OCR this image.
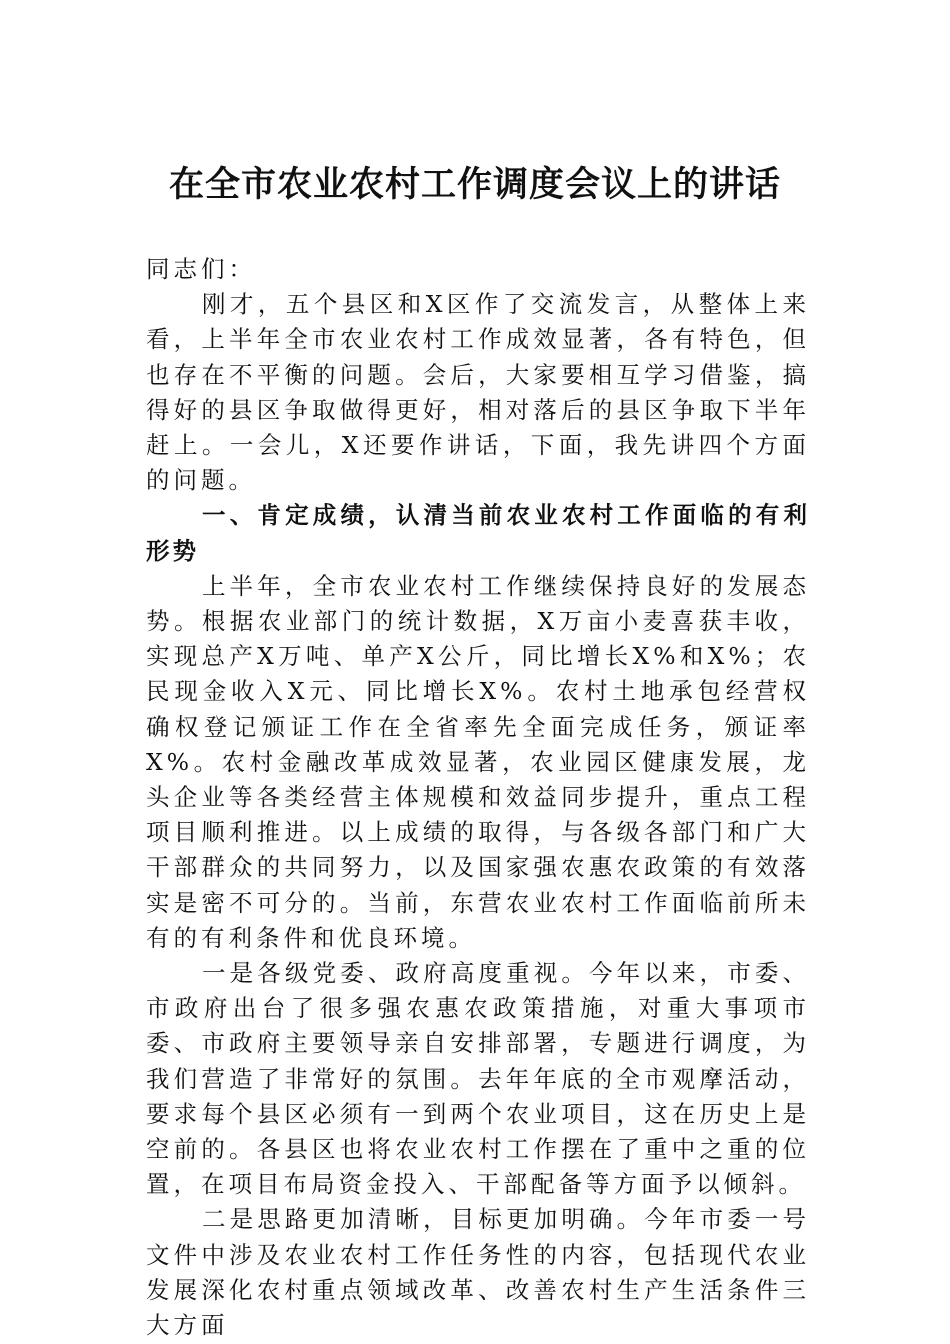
在全市农业农村工作调度会议上的讲话

同志们：

刚才，五个县区和X区作了交流发言，从整体上来看，上半年全市农业农村工作成效显著，各有特色，但也存在不平衡的问题。会后，大家要相互学习借鉴，搞得好的县区争取做得更好，相对落后的县区争取下半年赶上。一会儿，X还要作讲话，下面，我先讲四个方面的问题。

一、肯定成绩，认清当前农业农村工作面临的有利形势

上半年，全市农业农村工作继续保持良好的发展态势。根据农业部门的统计数据，X万亩小麦喜获丰收，实现总产X万吨、单产X公斤，同比增长X%和X%；农民现金收入X元、同比增长X%。农村土地承包经营权确权登记颁证工作在全省率先全面完成任务，颁证率X%。农村金融改革成效显著，农业园区健康发展，龙头企业等各类经营主体规模和效益同步提升，重点工程项目顺利推进。以上成绩的取得，与各级各部门和广大干部群众的共同努力，以及国家强农惠农政策的有效落实是密不可分的。当前，东营农业农村工作面临前所未有的有利条件和优良环境。

一是各级党委、政府高度重视。今年以来，市委、市政府出台了很多强农惠农政策措施，对重大事项市委、市政府主要领导亲自安排部署，专题进行调度，为我们营造了非常好的氛围。去年年底的全市观摩活动，要求每个县区必须有一到两个农业项目，这在历史上是空前的。各县区也将农业农村工作摆在了重中之重的位置，在项目布局资金投入、干部配备等方面予以倾斜。

二是思路更加清晰，目标更加明确。今年市委一号文件中涉及农业农村工作任务性的内容，包括现代农业发展深化农村重点领域改革、改善农村生产生活条件三大方面
